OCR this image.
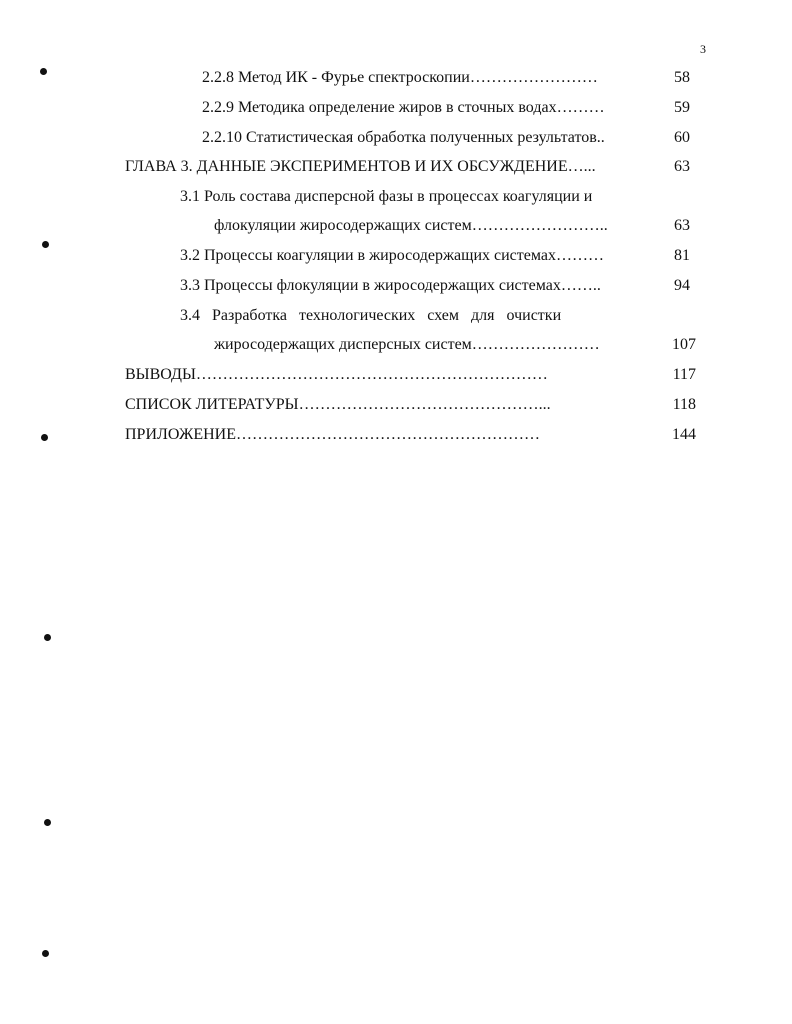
3
2.2.8 Метод ИК - Фурье спектроскопии……………………	58
2.2.9 Методика определение жиров в сточных водах………	59
2.2.10 Статистическая обработка полученных результатов..	60
ГЛАВА 3. ДАННЫЕ ЭКСПЕРИМЕНТОВ И ИХ ОБСУЖДЕНИЕ…...	63
3.1 Роль состава дисперсной фазы в процессах коагуляции и
флокуляции жиросодержащих систем……………………..	63
3.2 Процессы коагуляции в жиросодержащих системах………	81
3.3 Процессы флокуляции в жиросодержащих системах……..	94
3.4   Разработка   технологических   схем   для   очистки
жиросодержащих дисперсных систем……………………	107
ВЫВОДЫ…………………………………………………………	117
СПИСОК ЛИТЕРАТУРЫ………………………………………...	118
ПРИЛОЖЕНИЕ…………………………………………………	144
